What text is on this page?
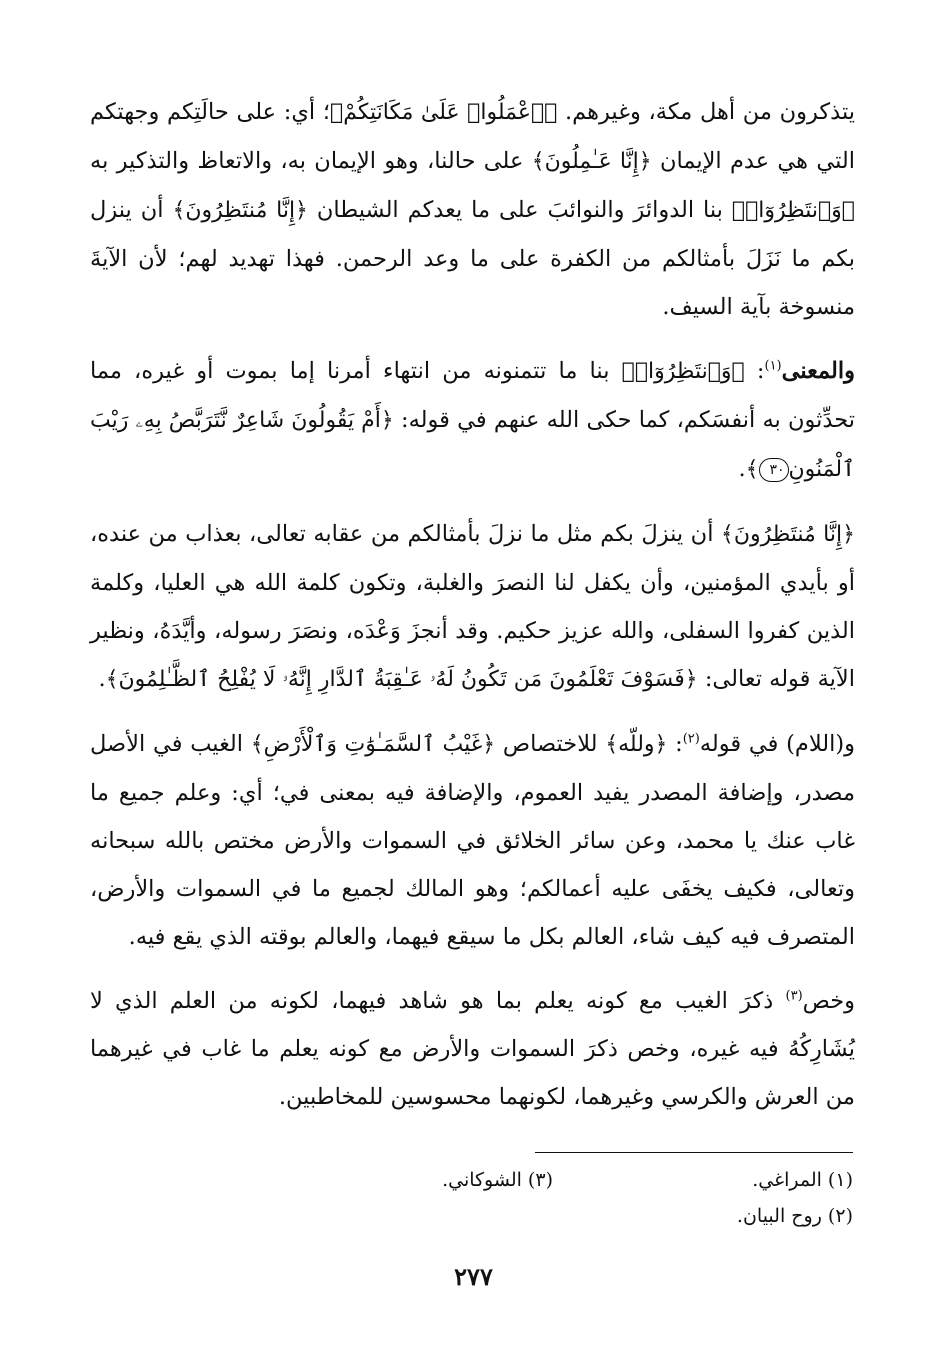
يتذكرون من أهل مكة، وغيرهم. ﴿ٱعْمَلُوا۟ عَلَىٰ مَكَانَتِكُمْ﴾؛ أي: على حالَتِكم وجهتكم التي هي عدم الإيمان ﴿إِنَّا عَـٰمِلُونَ﴾ على حالنا، وهو الإيمان به، والاتعاظ والتذكير به ﴿وَٱنتَظِرُوٓا۟﴾ بنا الدوائرَ والنوائبَ على ما يعدكم الشيطان ﴿إِنَّا مُنتَظِرُونَ﴾ أن ينزل بكم ما نَزَلَ بأمثالكم من الكفرة على ما وعد الرحمن. فهذا تهديد لهم؛ لأن الآيةَ منسوخة بآية السيف.

والمعنى$^{(١)}$: ﴿وَٱنتَظِرُوٓا۟﴾ بنا ما تتمنونه من انتهاء أمرنا إما بموت أو غيره، مما تحدِّثون به أنفسَكم، كما حكى الله عنهم في قوله: ﴿أَمْ يَقُولُونَ شَاعِرٌ نَّتَرَبَّصُ بِهِۦ رَيْبَ ٱلْمَنُونِ٣٠﴾.

﴿إِنَّا مُنتَظِرُونَ﴾ أن ينزلَ بكم مثل ما نزلَ بأمثالكم من عقابه تعالى، بعذاب من عنده، أو بأيدي المؤمنين، وأن يكفل لنا النصرَ والغلبة، وتكون كلمة الله هي العليا، وكلمة الذين كفروا السفلى، والله عزيز حكيم. وقد أنجزَ وَعْدَه، ونصَرَ رسوله، وأيَّدَهُ، ونظير الآية قوله تعالى: ﴿فَسَوْفَ تَعْلَمُونَ مَن تَكُونُ لَهُۥ عَـٰقِبَةُ ٱلدَّارِ إِنَّهُۥ لَا يُفْلِحُ ٱلظَّـٰلِمُونَ﴾.

و(اللام) في قوله$^{(٢)}$: ﴿وللّه﴾ للاختصاص ﴿غَيْبُ ٱلسَّمَـٰوَٰتِ وَٱلْأَرْضِ﴾ الغيب في الأصل مصدر، وإضافة المصدر يفيد العموم، والإضافة فيه بمعنى في؛ أي: وعلم جميع ما غاب عنك يا محمد، وعن سائر الخلائق في السموات والأرض مختص بالله سبحانه وتعالى، فكيف يخفَى عليه أعمالكم؛ وهو المالك لجميع ما في السموات والأرض، المتصرف فيه كيف شاء، العالم بكل ما سيقع فيهما، والعالم بوقته الذي يقع فيه.

وخص$^{(٣)}$ ذكرَ الغيب مع كونه يعلم بما هو شاهد فيهما، لكونه من العلم الذي لا يُشَارِكُهُ فيه غيره، وخص ذكرَ السموات والأرض مع كونه يعلم ما غاب في غيرهما من العرش والكرسي وغيرهما، لكونهما محسوسين للمخاطبين.

(١) المراغي.
(٣) الشوكاني.
(٢) روح البيان.
٢٧٧
